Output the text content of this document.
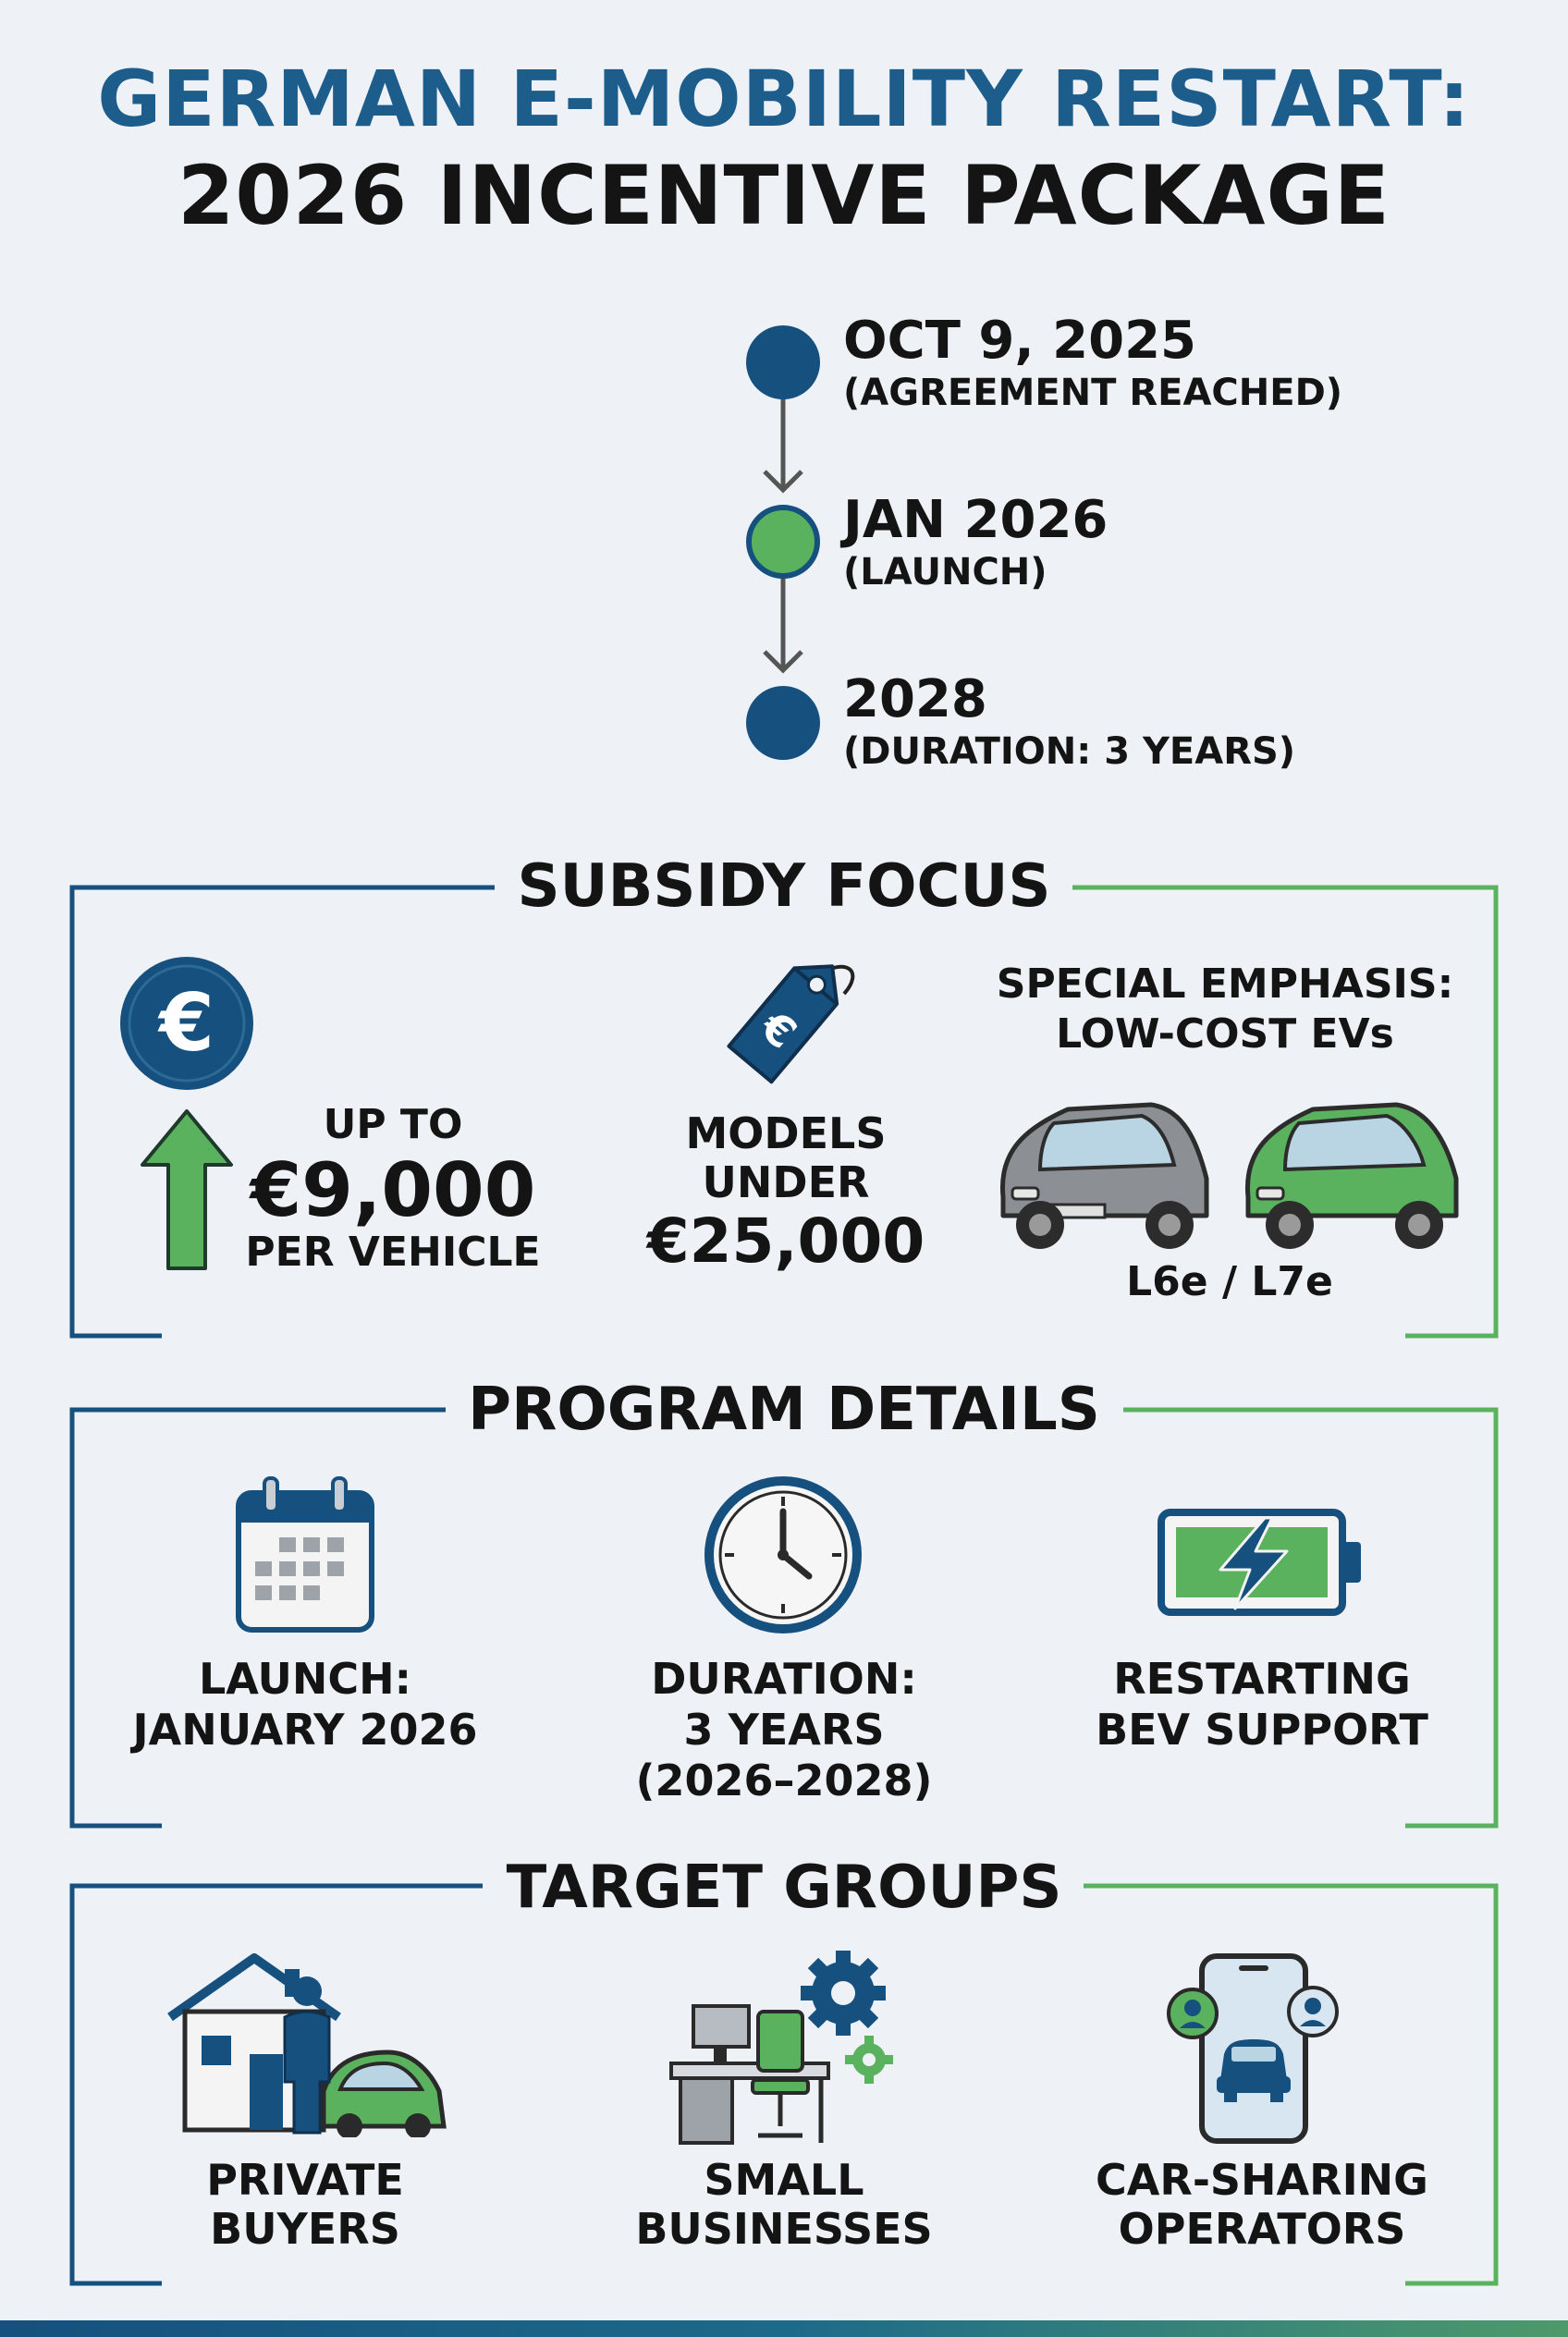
GERMAN E-MOBILITY RESTART:
2026 INCENTIVE PACKAGE
OCT 9, 2025
(AGREEMENT REACHED)
JAN 2026
(LAUNCH)
2028
(DURATION: 3 YEARS)
SUBSIDY FOCUS
€
UP TO
€9,000
PER VEHICLE
€
MODELS
UNDER
€25,000
SPECIAL EMPHASIS:
LOW-COST EVs
L6e / L7e
PROGRAM DETAILS
LAUNCH:
JANUARY 2026
DURATION:
3 YEARS
(2026–2028)
RESTARTING
BEV SUPPORT
TARGET GROUPS
PRIVATE
BUYERS
SMALL
BUSINESSES
CAR-SHARING
OPERATORS
